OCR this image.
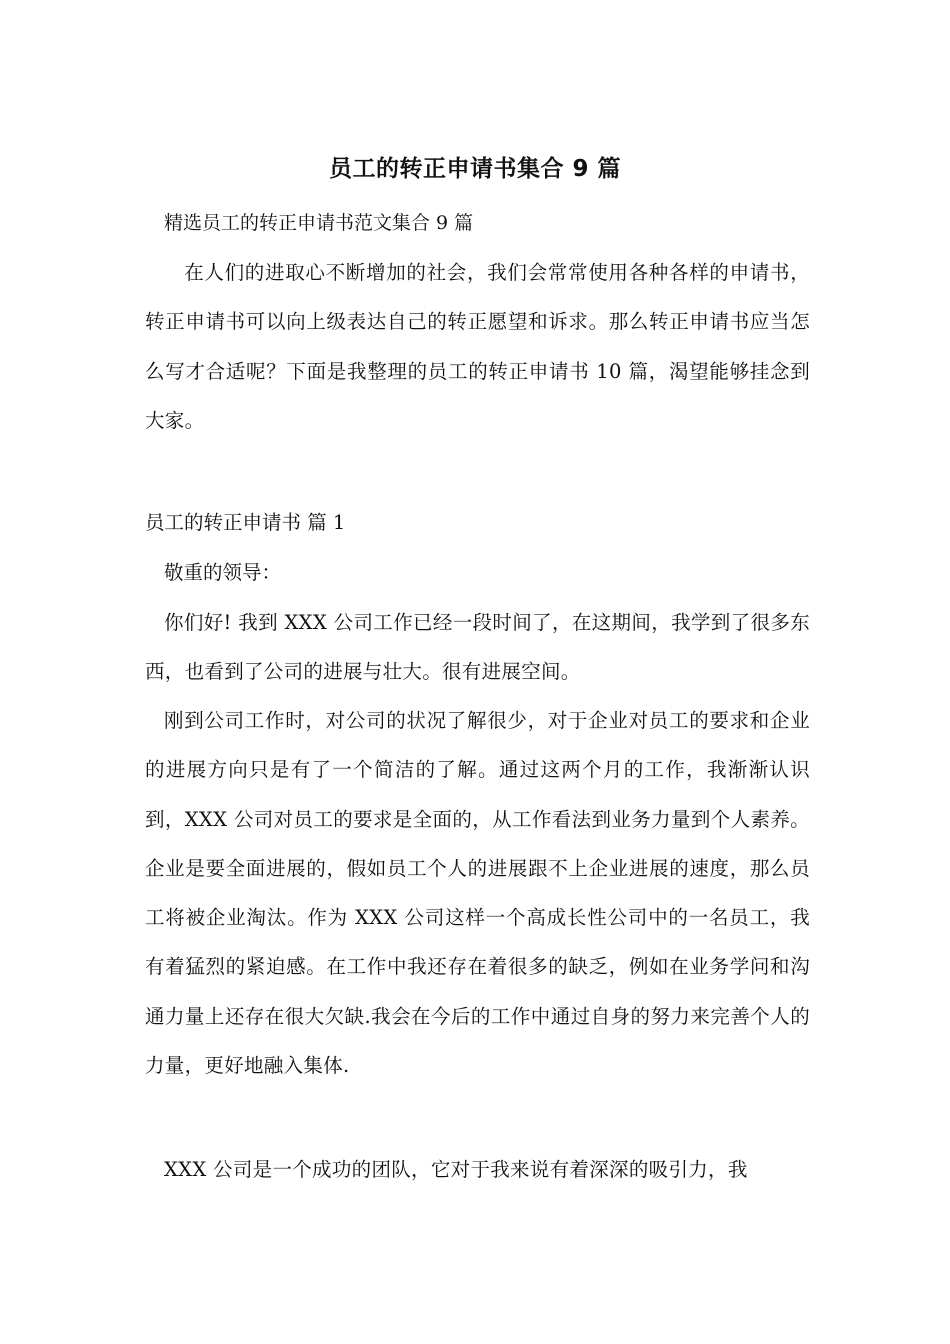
员工的转正申请书集合 9 篇
精选员工的转正申请书范文集合 9 篇
　在人们的进取心不断增加的社会，我们会常常使用各种各样的申请书，转正申请书可以向上级表达自己的转正愿望和诉求。那么转正申请书应当怎么写才合适呢？下面是我整理的员工的转正申请书 10 篇，渴望能够挂念到大家。
员工的转正申请书 篇 1
敬重的领导：
你们好! 我到 XXX 公司工作已经一段时间了，在这期间，我学到了很多东西，也看到了公司的进展与壮大。很有进展空间。
刚到公司工作时，对公司的状况了解很少，对于企业对员工的要求和企业的进展方向只是有了一个简洁的了解。通过这两个月的工作，我渐渐认识到，XXX 公司对员工的要求是全面的，从工作看法到业务力量到个人素养。企业是要全面进展的，假如员工个人的进展跟不上企业进展的速度，那么员工将被企业淘汰。作为 XXX 公司这样一个高成长性公司中的一名员工，我有着猛烈的紧迫感。在工作中我还存在着很多的缺乏，例如在业务学问和沟通力量上还存在很大欠缺.我会在今后的工作中通过自身的努力来完善个人的力量，更好地融入集体.
XXX 公司是一个成功的团队，它对于我来说有着深深的吸引力，我
